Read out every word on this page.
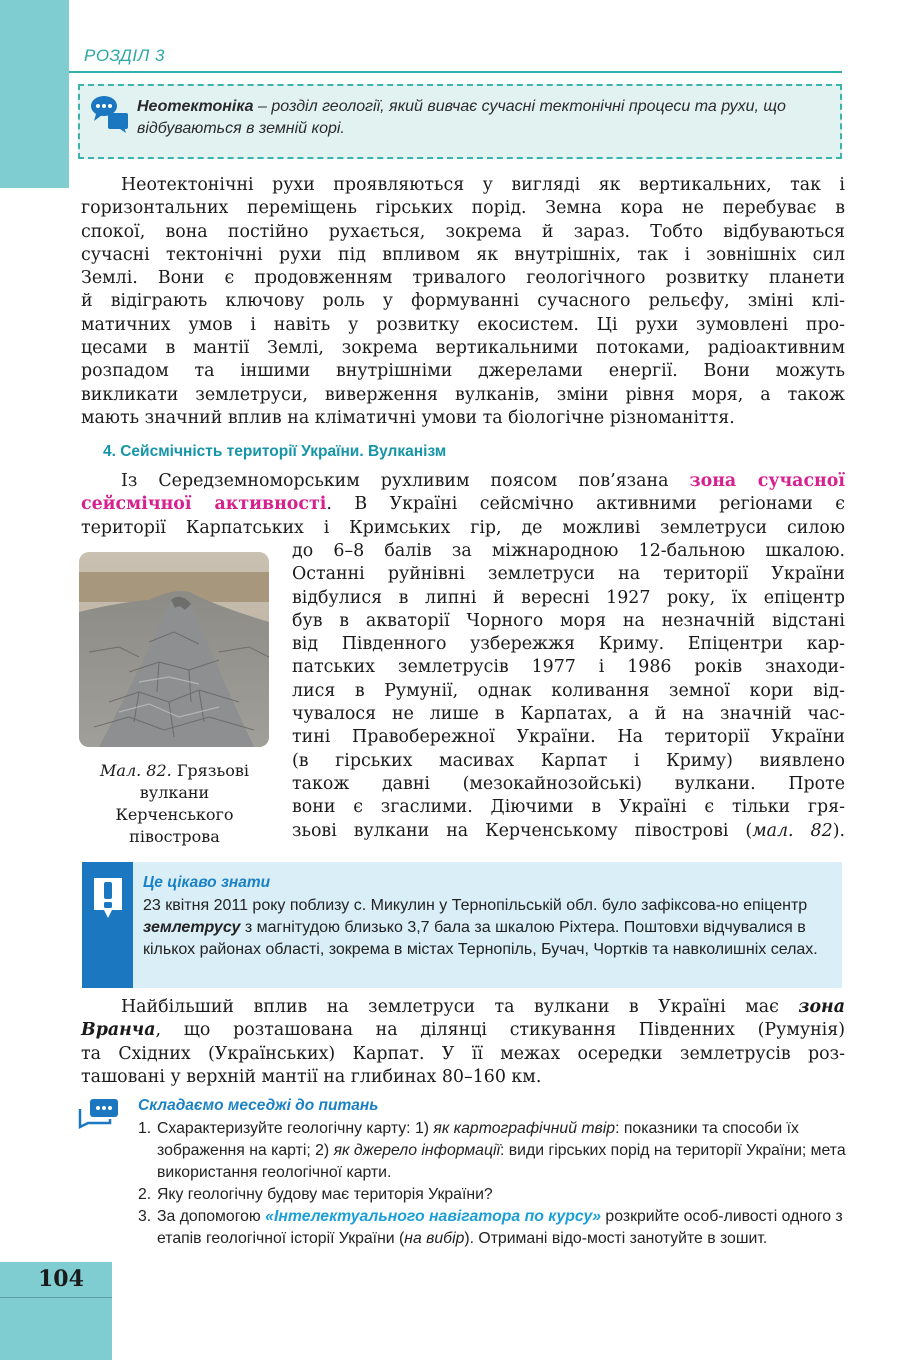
РОЗДІЛ 3
Неотектоніка – розділ геології, який вивчає сучасні тектонічні процеси та рухи, що відбуваються в земній корі.
Неотектонічні рухи проявляються у вигляді як вертикальних, так і
горизонтальних переміщень гірських порід. Земна кора не перебуває в
спокої, вона постійно рухається, зокрема й зараз. Тобто відбуваються
сучасні тектонічні рухи під впливом як внутрішніх, так і зовнішніх сил
Землі. Вони є продовженням тривалого геологічного розвитку планети
й відіграють ключову роль у формуванні сучасного рельєфу, зміні клі-
матичних умов і навіть у розвитку екосистем. Ці рухи зумовлені про-
цесами в мантії Землі, зокрема вертикальними потоками, радіоактивним
розпадом та іншими внутрішніми джерелами енергії. Вони можуть
викликати землетруси, виверження вулканів, зміни рівня моря, а також
мають значний вплив на кліматичні умови та біологічне різноманіття.
4. Сейсмічність території України. Вулканізм
Із Середземноморським рухливим поясом пов’язана зона сучасної
сейсмічної активності. В Україні сейсмічно активними регіонами є
території Карпатських і Кримських гір, де можливі землетруси силою
Мал. 82. Грязьові
вулкани
Керченського
півострова
до 6–8 балів за міжнародною 12-бальною шкалою.
Останні руйнівні землетруси на території України
відбулися в липні й вересні 1927 року, їх епіцентр
був в акваторії Чорного моря на незначній відстані
від Південного узбережжя Криму. Епіцентри кар-
патських землетрусів 1977 і 1986 років знаходи-
лися в Румунії, однак коливання земної кори від-
чувалося не лише в Карпатах, а й на значній час-
тині Правобережної України. На території України
(в гірських масивах Карпат і Криму) виявлено
також давні (мезокайнозойські) вулкани. Проте
вони є згаслими. Діючими в Україні є тільки гря-
зьові вулкани на Керченському півострові (мал. 82).
Це цікаво знати
23 квітня 2011 року поблизу с. Микулин у Тернопільській обл. було зафіксова-но епіцентр землетрусу з магнітудою близько 3,7 бала за шкалою Ріхтера. Поштовхи відчувалися в кількох районах області, зокрема в містах Тернопіль, Бучач, Чортків та навколишніх селах.
Найбільший вплив на землетруси та вулкани в Україні має зона
Вранча, що розташована на ділянці стикування Південних (Румунія)
та Східних (Українських) Карпат. У її межах осередки землетрусів роз-
ташовані у верхній мантії на глибинах 80–160 км.
Складаємо меседжі до питань
1. Схарактеризуйте геологічну карту: 1) як картографічний твір: показники та способи їх зображення на карті; 2) як джерело інформації: види гірських порід на території України; мета використання геологічної карти.
2. Яку геологічну будову має територія України?
3. За допомогою «Інтелектуального навігатора по курсу» розкрийте особ-ливості одного з етапів геологічної історії України (на вибір). Отримані відо-мості занотуйте в зошит.
104
